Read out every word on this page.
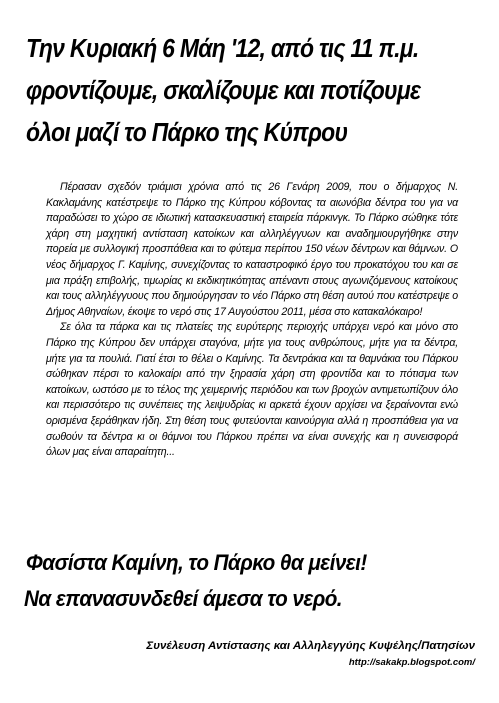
Την Κυριακή 6 Μάη '12, από τις 11 π.μ.
φροντίζουμε, σκαλίζουμε και ποτίζουμε
όλοι μαζί το Πάρκο της Κύπρου

Πέρασαν σχεδόν τριάμισι χρόνια από τις 26 Γενάρη 2009, που ο δήμαρχος Ν. Κακλαμάνης κατέστρεψε το Πάρκο της Κύπρου κόβοντας τα αιωνόβια δέντρα του για να παραδώσει το χώρο σε ιδιωτική κατασκευαστική εταιρεία πάρκινγκ. Το Πάρκο σώθηκε τότε χάρη στη μαχητική αντίσταση κατοίκων και αλληλέγγυων και αναδημιουργήθηκε στην πορεία με συλλογική προσπάθεια και το φύτεμα περίπου 150 νέων δέντρων και θάμνων. Ο νέος δήμαρχος Γ. Καμίνης, συνεχίζοντας το καταστροφικό έργο του προκατόχου του και σε μια πράξη επιβολής, τιμωρίας κι εκδικητικότητας απέναντι στους αγωνιζόμενους κατοίκους και τους αλληλέγγυους που δημιούργησαν το νέο Πάρκο στη θέση αυτού που κατέστρεψε ο Δήμος Αθηναίων, έκοψε το νερό στις 17 Αυγούστου 2011, μέσα στο κατακαλόκαιρο!

Σε όλα τα πάρκα και τις πλατείες της ευρύτερης περιοχής υπάρχει νερό και μόνο στο Πάρκο της Κύπρου δεν υπάρχει σταγόνα, μήτε για τους ανθρώπους, μήτε για τα δέντρα, μήτε για τα πουλιά. Γιατί έτσι το θέλει ο Καμίνης. Τα δεντράκια και τα θαμνάκια του Πάρκου σώθηκαν πέρσι το καλοκαίρι από την ξηρασία χάρη στη φροντίδα και το πότισμα των κατοίκων, ωστόσο με το τέλος της χειμερινής περιόδου και των βροχών αντιμετωπίζουν όλο και περισσότερο τις συνέπειες της λειψυδρίας κι αρκετά έχουν αρχίσει να ξεραίνονται ενώ ορισμένα ξεράθηκαν ήδη. Στη θέση τους φυτεύονται καινούργια αλλά η προσπάθεια για να σωθούν τα δέντρα κι οι θάμνοι του Πάρκου πρέπει να είναι συνεχής και η συνεισφορά όλων μας είναι απαραίτητη...

Φασίστα Καμίνη, το Πάρκο θα μείνει!
Να επανασυνδεθεί άμεσα το νερό.
Συνέλευση Αντίστασης και Αλληλεγγύης Κυψέλης/Πατησίων
http://sakakp.blogspot.com/
